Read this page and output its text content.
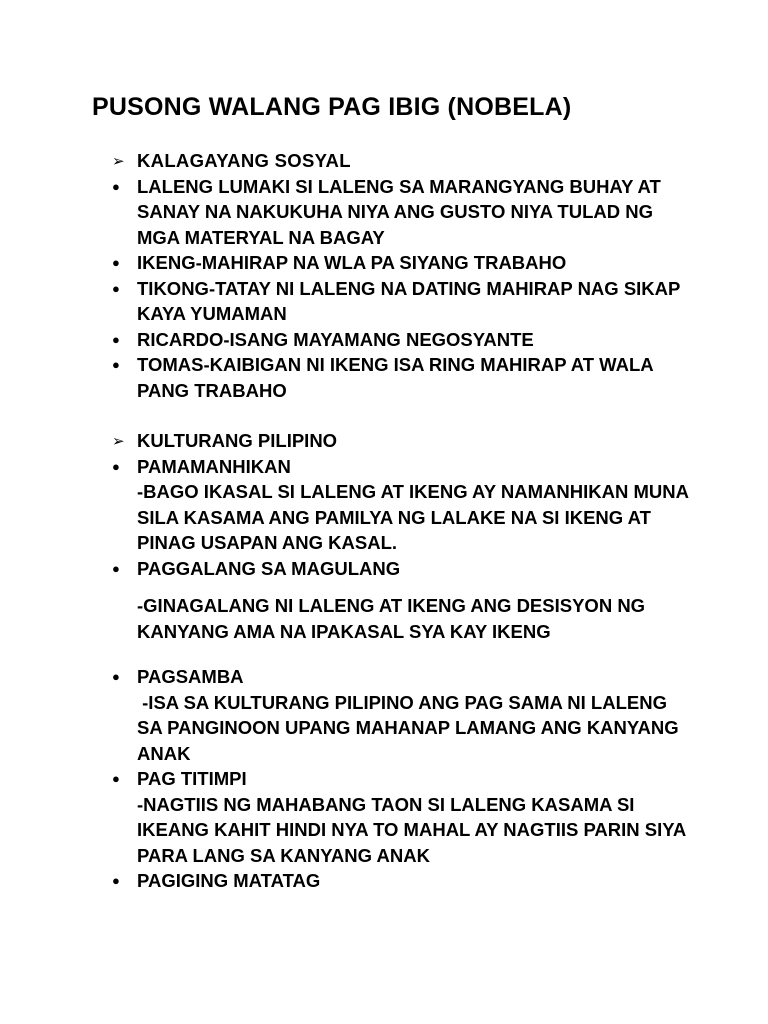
PUSONG WALANG PAG IBIG (NOBELA)
➢ KALAGAYANG SOSYAL
● LALENG LUMAKI SI LALENG SA MARANGYANG BUHAY AT SANAY NA NAKUKUHA NIYA ANG GUSTO NIYA TULAD NG MGA MATERYAL NA BAGAY
● IKENG-MAHIRAP NA WLA PA SIYANG TRABAHO
● TIKONG-TATAY NI LALENG NA DATING MAHIRAP NAG SIKAP KAYA YUMAMAN
● RICARDO-ISANG MAYAMANG NEGOSYANTE
● TOMAS-KAIBIGAN NI IKENG ISA RING MAHIRAP AT WALA PANG TRABAHO
➢ KULTURANG PILIPINO
● PAMAMANHIKAN
-BAGO IKASAL SI LALENG AT IKENG AY NAMANHIKAN MUNA SILA KASAMA ANG PAMILYA NG LALAKE NA SI IKENG AT PINAG USAPAN ANG KASAL.
● PAGGALANG SA MAGULANG
-GINAGALANG NI LALENG AT IKENG ANG DESISYON NG KANYANG AMA NA IPAKASAL SYA KAY IKENG
● PAGSAMBA
-ISA SA KULTURANG PILIPINO ANG PAG SAMA NI LALENG SA PANGINOON UPANG MAHANAP LAMANG ANG KANYANG ANAK
● PAG TITIMPI
-NAGTIIS NG MAHABANG TAON SI LALENG KASAMA SI IKEANG KAHIT HINDI NYA TO MAHAL AY NAGTIIS PARIN SIYA PARA LANG SA KANYANG ANAK
● PAGIGING MATATAG
